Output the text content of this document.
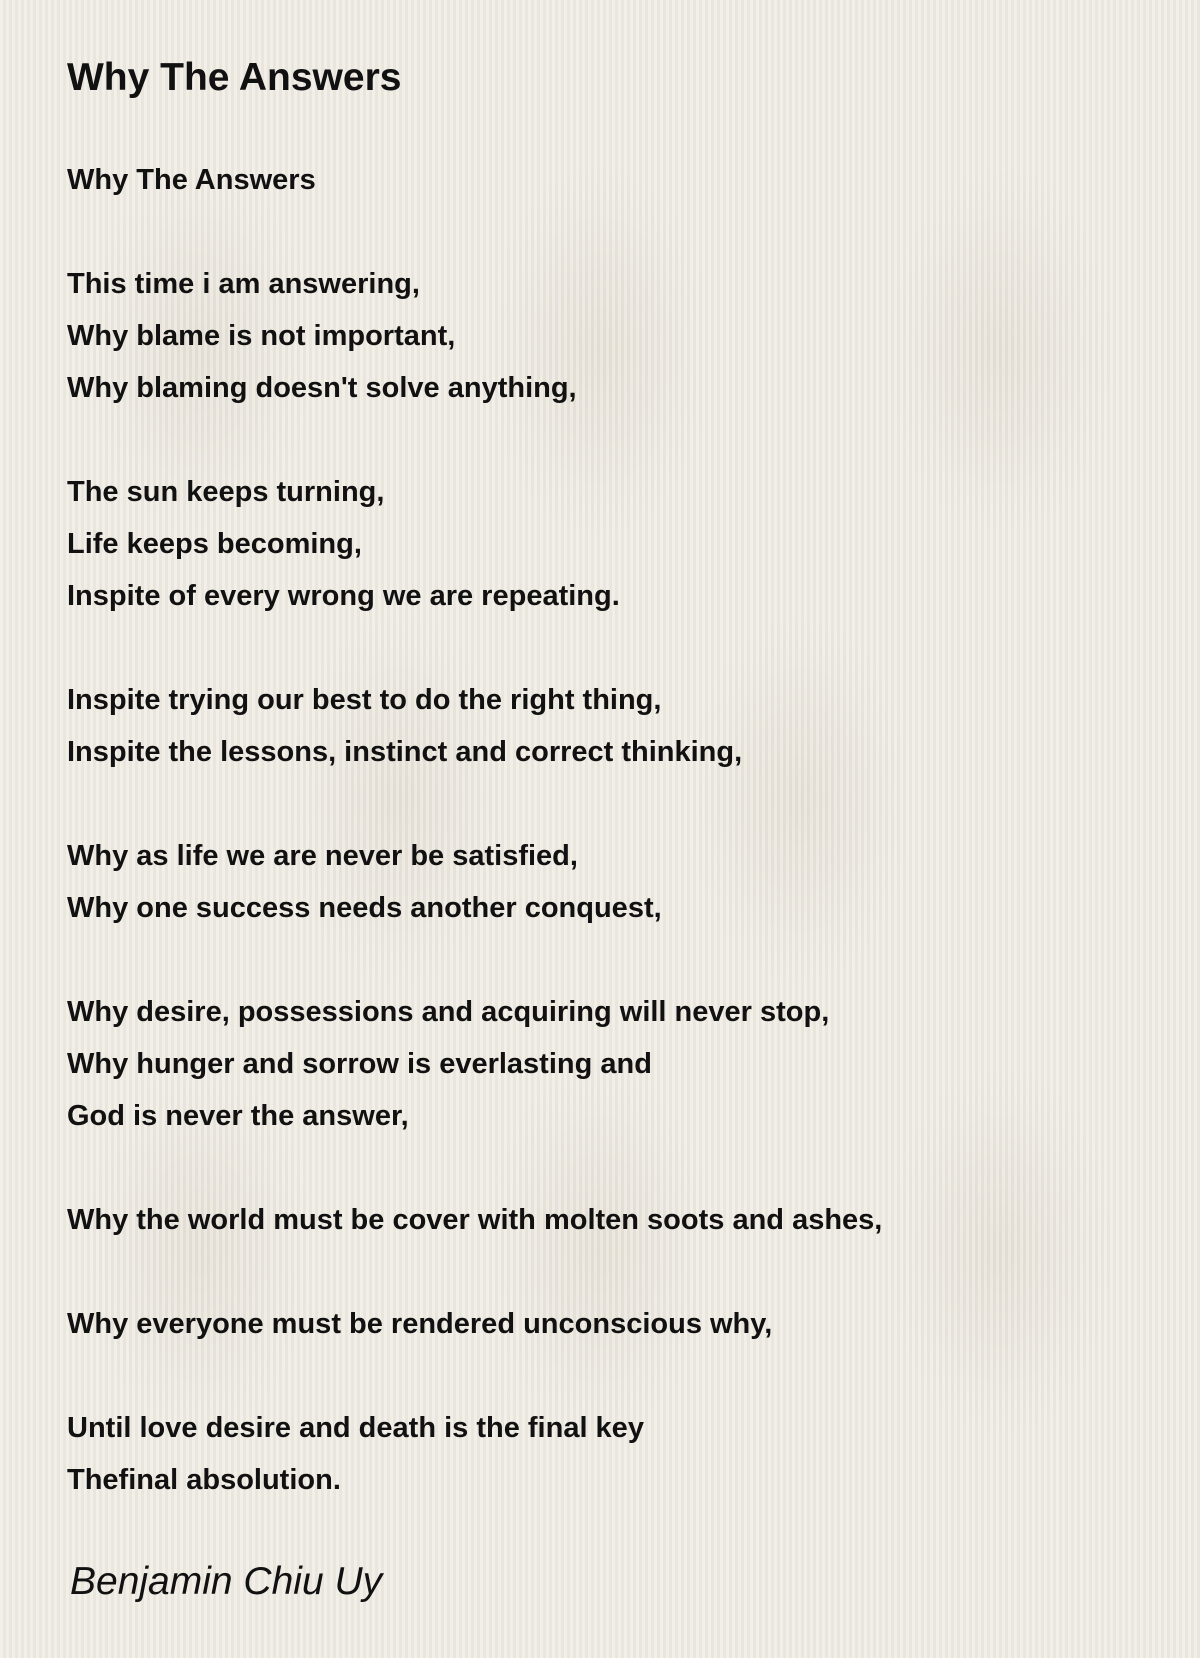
Why The Answers
Why The Answers
This time i am answering,
Why blame is not important,
Why blaming doesn't solve anything,
The sun keeps turning,
Life keeps becoming,
Inspite of every wrong we are repeating.
Inspite trying our best to do the right thing,
Inspite the lessons, instinct and correct thinking,
Why as life we are never be satisfied,
Why one success needs another conquest,
Why desire, possessions and acquiring will never stop,
Why hunger and sorrow is everlasting and
God is never the answer,
Why the world must be cover with molten soots and ashes,
Why everyone must be rendered unconscious why,
Until love desire and death is the final key
Thefinal absolution.
Benjamin Chiu Uy
